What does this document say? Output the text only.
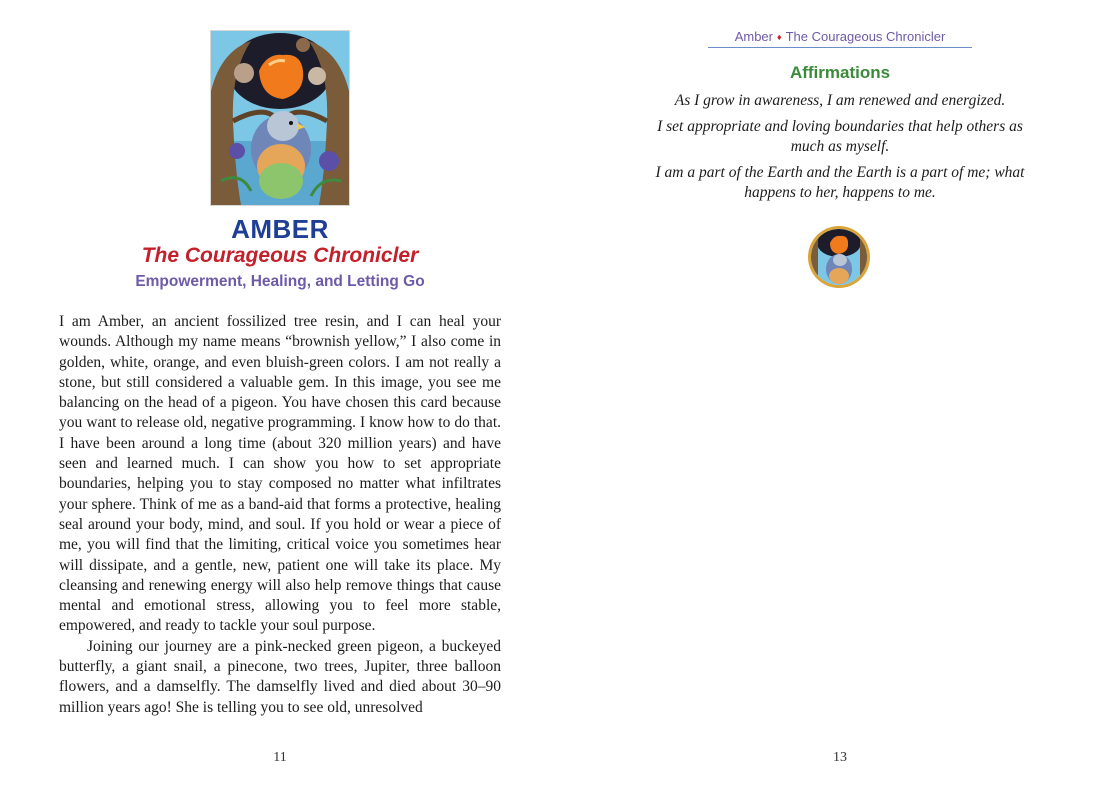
AMBER
The Courageous Chronicler
Empowerment, Healing, and Letting Go

I am Amber, an ancient fossilized tree resin, and I can heal your wounds. Although my name means “brownish yellow,” I also come in golden, white, orange, and even bluish-green colors. I am not really a stone, but still considered a valuable gem. In this image, you see me balancing on the head of a pigeon. You have chosen this card because you want to release old, negative programming. I know how to do that. I have been around a long time (about 320 million years) and have seen and learned much. I can show you how to set appropriate boundaries, helping you to stay composed no matter what infiltrates your sphere. Think of me as a band-aid that forms a protective, healing seal around your body, mind, and soul. If you hold or wear a piece of me, you will find that the limiting, critical voice you sometimes hear will dissipate, and a gentle, new, patient one will take its place. My cleansing and renewing energy will also help remove things that cause mental and emotional stress, allowing you to feel more stable, empowered, and ready to tackle your soul purpose.

Joining our journey are a pink-necked green pigeon, a buckeyed butterfly, a giant snail, a pinecone, two trees, Jupiter, three balloon flowers, and a damselfly. The damselfly lived and died about 30–90 million years ago! She is telling you to see old, unresolved

11
Amber ♦ The Courageous Chronicler
Affirmations

As I grow in awareness, I am renewed and energized.

I set appropriate and loving boundaries that help others as much as myself.

I am a part of the Earth and the Earth is a part of me; what happens to her, happens to me.

13
